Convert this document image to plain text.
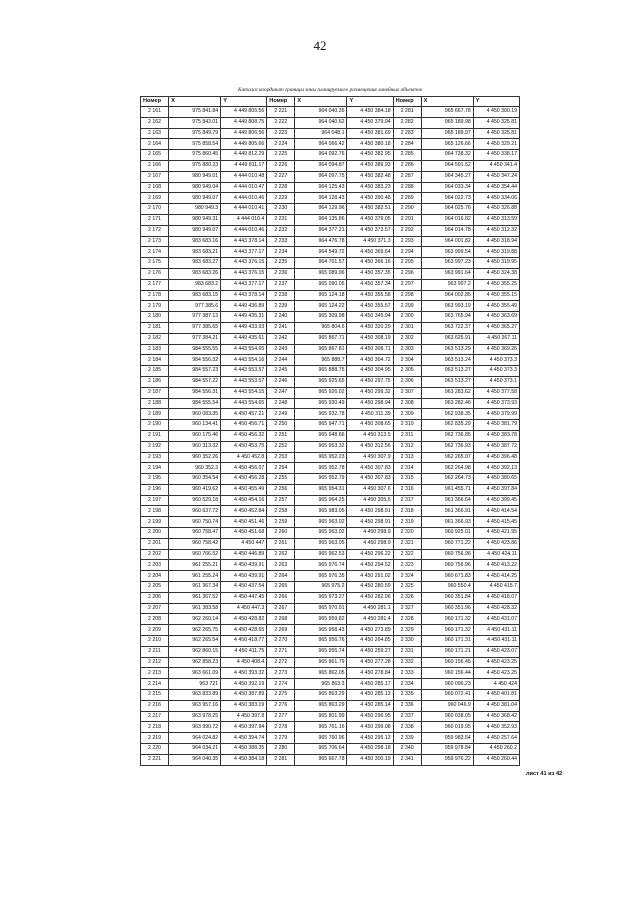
42
Каталог координат границы зоны планируемого размещения линейных объектов
Номер	X	Y	Номер	X	Y	Номер	X	Y
2 161	975 841.84	4 449 805.56	2 221	964 040.35	4 450 384.18	2 281	965 667.78	4 450 300.19
2 162	975 843.01	4 449 808.75	2 222	964 040.62	4 450 379.94	2 282	965 189.98	4 450 325.81
2 163	975 849.79	4 449 806.56	2 223	964 048.1	4 450 381.69	2 283	965 189.97	4 450 325.81
2 164	975 858.54	4 449 805.66	2 224	964 066.42	4 450 380.18	2 284	965 126.66	4 450 329.21
2 165	975 860.45	4 449 812.29	2 225	964 092.76	4 450 382.95	2 285	964 738.32	4 450 338.17
2 166	975 880.23	4 449 811.17	2 226	964 094.87	4 450 389.93	2 286	964 591.52	4 450 341.4
2 167	980 949.01	4 444 010.48	2 227	964 097.75	4 450 382.48	2 287	964 345.27	4 450 347.24
2 168	980 949.04	4 444 010.47	2 228	964 125.43	4 450 383.23	2 288	964 033.34	4 450 354.44
2 169	980 949.07	4 444 010.46	2 229	964 128.43	4 450 390.48	2 289	964 022.73	4 450 334.06
2 170	980 949.3	4 444 010.41	2 230	964 129.96	4 450 382.51	2 290	964 025.76	4 450 326.88
2 171	980 949.31	4 444 010.4	2 231	964 135.86	4 450 379.05	2 291	964 016.82	4 450 313.59
2 172	980 949.07	4 444 010.46	2 232	964 377.21	4 450 373.57	2 292	964 014.78	4 450 312.32
2 173	983 683.16	4 443 378.14	2 233	964 476.78	4 450 371.3	2 293	964 001.82	4 450 318.94
2 174	983 683.21	4 443 377.17	2 234	964 549.72	4 450 369.64	2 294	963 999.54	4 450 319.88
2 175	983 683.27	4 443 376.15	2 235	964 701.57	4 450 366.16	2 295	963 997.23	4 450 319.95
2 176	983 683.26	4 443 376.15	2 236	965 089.96	4 450 357.35	2 296	963 991.64	4 450 324.38
2 177	983 683.2	4 443 377.17	2 237	965 090.05	4 450 357.34	2 297	963 907.2	4 450 355.25
2 178	983 683.15	4 443 378.14	2 238	965 124.18	4 450 355.58	2 298	964 002.85	4 450 355.15
2 179	977 385.6	4 449 436.89	2 239	965 124.22	4 450 355.57	2 299	963 993.19	4 450 355.49
2 180	977 387.13	4 449 435.31	2 240	965 309.98	4 450 345.94	2 300	963 765.94	4 450 363.69
2 181	977 385.65	4 449 433.93	2 241	965 804.6	4 450 320.29	2 301	963 722.37	4 450 365.27
2 182	977 384.21	4 449 435.61	2 242	965 867.71	4 450 308.19	2 302	963 625.91	4 450 367.11
2 183	984 555.55	4 443 554.65	2 243	965 867.81	4 450 308.71	2 303	963 513.29	4 450 369.26
2 184	984 556.32	4 443 554.16	2 244	965 888.7	4 450 304.72	2 304	963 513.24	4 450 373.3
2 185	984 557.23	4 443 553.57	2 245	965 888.75	4 450 304.95	2 305	963 513.27	4 450 373.3
2 186	984 557.22	4 443 553.57	2 246	965 925.65	4 450 297.75	2 306	963 513.27	4 450 373.1
2 187	984 556.31	4 443 554.15	2 247	965 926.02	4 450 299.32	2 307	963 283.62	4 450 377.58
2 188	984 555.54	4 443 554.65	2 248	965 930.49	4 450 298.94	2 308	963 282.46	4 450 373.93
2 189	960 083.35	4 450 457.21	2 249	965 932.78	4 450 311.39	2 309	962 938.35	4 450 379.99
2 190	960 134.41	4 450 456.71	2 250	965 947.71	4 450 308.65	2 310	962 835.29	4 450 381.79
2 191	960 175.46	4 450 456.32	2 251	965 948.66	4 450 313.5	2 311	962 736.85	4 450 383.78
2 192	960 313.32	4 450 453.75	2 252	965 953.32	4 450 312.56	2 312	962 736.93	4 450 387.72
2 193	960 352.26	4 450 452.8	2 253	965 952.23	4 450 307.9	2 313	962 265.07	4 450 396.48
2 194	960 352.3	4 450 456.07	2 254	965 952.78	4 450 307.83	2 314	962 264.98	4 450 392.13
2 195	960 354.54	4 450 456.28	2 255	965 952.79	4 450 307.83	2 315	962 264.73	4 450 380.65
2 196	960 419.62	4 450 455.49	2 256	965 954.31	4 450 307.6	2 316	961 455.71	4 450 397.84
2 197	960 529.18	4 450 454.16	2 257	965 964.25	4 450 305.6	2 317	961 366.64	4 450 399.45
2 198	960 637.72	4 450 452.84	2 258	965 983.05	4 450 298.91	2 318	961 366.91	4 450 414.54
2 199	960 750.74	4 450 451.46	2 259	965 963.02	4 450 298.91	2 319	961 366.93	4 450 415.45
2 200	960 758.47	4 450 451.68	2 260	965 963.02	4 450 298.9	2 320	960 925.01	4 450 421.95
2 201	960 758.42	4 450 447	2 261	965 963.05	4 450 298.9	2 321	960 771.22	4 450 423.86
2 202	960 766.52	4 450 446.89	2 262	965 962.53	4 450 296.22	2 322	960 756.96	4 450 424.11
2 203	961 255.21	4 450 439.91	2 263	965 976.74	4 450 294.52	2 323	960 756.96	4 450 413.22
2 204	961 255.24	4 450 439.91	2 264	965 976.35	4 450 291.02	2 324	960 671.83	4 450 414.25
2 205	961 367.34	4 450 437.54	2 265	965 975.2	4 450 280.59	2 325	960 550.4	4 450 415.7
2 206	961 367.52	4 450 447.45	2 266	965 973.27	4 450 282.96	2 326	960 351.84	4 450 418.07
2 207	961 383.58	4 450 447.3	2 267	965 970.91	4 450 281.1	2 327	960 351.96	4 450 428.32
2 208	962 260.14	4 450 428.82	2 268	965 959.82	4 450 281.4	2 328	960 171.32	4 450 431.07
2 209	962 265.75	4 450 428.65	2 269	965 958.43	4 450 273.89	2 329	960 171.32	4 450 431.11
2 210	962 265.54	4 450 418.77	2 270	965 956.76	4 450 264.85	2 330	960 171.31	4 450 431.11
2 211	962 860.15	4 450 411.75	2 271	965 955.74	4 450 259.27	2 331	960 171.21	4 450 423.07
2 212	962 858.23	4 450 408.4	2 272	965 861.79	4 450 277.28	2 332	960 156.45	4 450 423.25
2 213	963 661.09	4 450 393.32	2 273	965 862.05	4 450 278.84	2 333	960 156.44	4 450 423.25
2 214	963 721	4 450 392.19	2 274	965 863.3	4 450 285.17	2 334	960 096.23	4 450 424
2 215	963 833.89	4 450 387.89	2 275	965 863.29	4 450 285.13	2 335	960 072.41	4 450 401.81
2 216	963 957.16	4 450 383.19	2 276	965 863.29	4 450 285.14	2 336	960 046.9	4 450 381.04
2 217	963 978.25	4 450 397.8	2 277	965 801.99	4 450 296.95	2 337	960 038.05	4 450 368.42
2 218	963 990.72	4 450 397.94	2 278	965 761.16	4 450 299.08	2 338	960 019.95	4 450 352.93
2 219	964 024.82	4 450 394.74	2 279	965 760.96	4 450 295.13	2 339	959 983.54	4 450 257.64
2 220	964 034.21	4 450 388.35	2 280	965 706.64	4 450 298.18	2 340	959 978.84	4 450 260.2
2 221	964 040.35	4 450 384.18	2 281	965 667.78	4 450 300.19	2 341	959 976.22	4 450 260.44
лист 41 из 42
